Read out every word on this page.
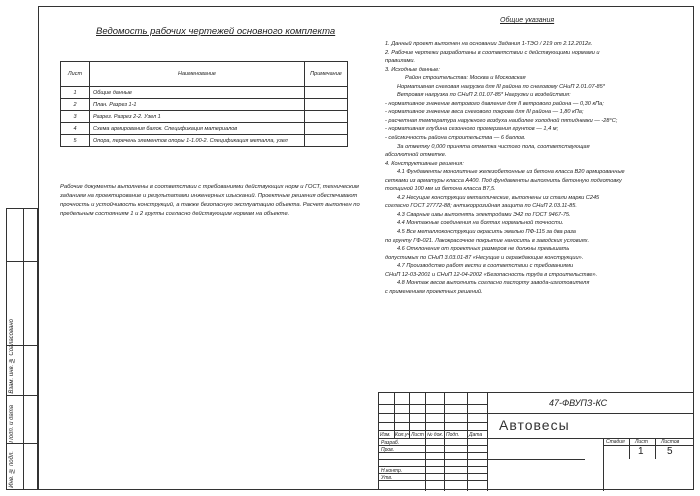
Согласовано
Взам. инв. №
Подп. и дата
Инв. № подл.
Ведомость рабочих чертежей основного комплекта
Лист	Наименование	Примечание
1	Общие данные	
2	План. Разрез 1-1	
3	Разрез. Разрез 2-2. Узел 1	
4	Схема армирования балок. Спецификация материалов	
5	Опора, перечень элементов опоры 1-1.00-2. Спецификация металла, узел	
Рабочие документы выполнены в соответствии с требованиями действующих норм и ГОСТ, техническим заданием на проектирование и результатами инженерных изысканий. Проектные решения обеспечивают прочность и устойчивость конструкций, а также безопасную эксплуатацию объекта. Расчет выполнен по предельным состояниям 1 и 2 группы согласно действующим нормам на объекте.
Общие указания
1. Данный проект выполнен на основании Задания 1-ТЭО / 219 от 2.12.2012г.
2. Рабочие чертежи разработаны в соответствии с действующими нормами и
правилами.
3. Исходные данные:
Район строительства: Москва и Московская
Нормативная снеговая нагрузка для III района по снеговому СНиП 2.01.07-85*
Ветровая нагрузка по СНиП 2.01.07-85* Нагрузки и воздействия:
- нормативное значение ветрового давления для II ветрового района — 0,30 кПа;
- нормативное значение веса снегового покрова для III района — 1,80 кПа;
- расчетная температура наружного воздуха наиболее холодной пятидневки — -28°С;
- нормативная глубина сезонного промерзания грунтов — 1,4 м;
- сейсмичность района строительства — 6 баллов.
За отметку 0,000 принята отметка чистого пола, соответствующая
абсолютной отметке.
4. Конструктивные решения:
4.1 Фундаменты монолитные железобетонные из бетона класса В20 армированные
сетками из арматуры класса А400. Под фундаменты выполнить бетонную подготовку
толщиной 100 мм из бетона класса В7,5.
4.2 Несущие конструкции металлические, выполнены из стали марки С245
согласно ГОСТ 27772-88; антикоррозийная защита по СНиП 2.03.11-85.
4.3 Сварные швы выполнять электродами Э42 по ГОСТ 9467-75.
4.4 Монтажные соединения на болтах нормальной точности.
4.5 Все металлоконструкции окрасить эмалью ПФ-115 за два раза
по грунту ГФ-021. Лакокрасочное покрытие наносить в заводских условиях.
4.6 Отклонения от проектных размеров не должны превышать
допустимых по СНиП 3.03.01-87 «Несущие и ограждающие конструкции».
4.7 Производство работ вести в соответствии с требованиями
СНиП 12-03-2001 и СНиП 12-04-2002 «Безопасность труда в строительстве».
4.8 Монтаж весов выполнить согласно паспорту завода-изготовителя
с применением проектных решений.
Изм. Кол.уч Лист № док. Подп. Дата
Разраб.
Пров.
Н.контр.
Утв.
47-ФВУПЗ-КС
Автовесы
Стадия Лист	Листов
1 5
